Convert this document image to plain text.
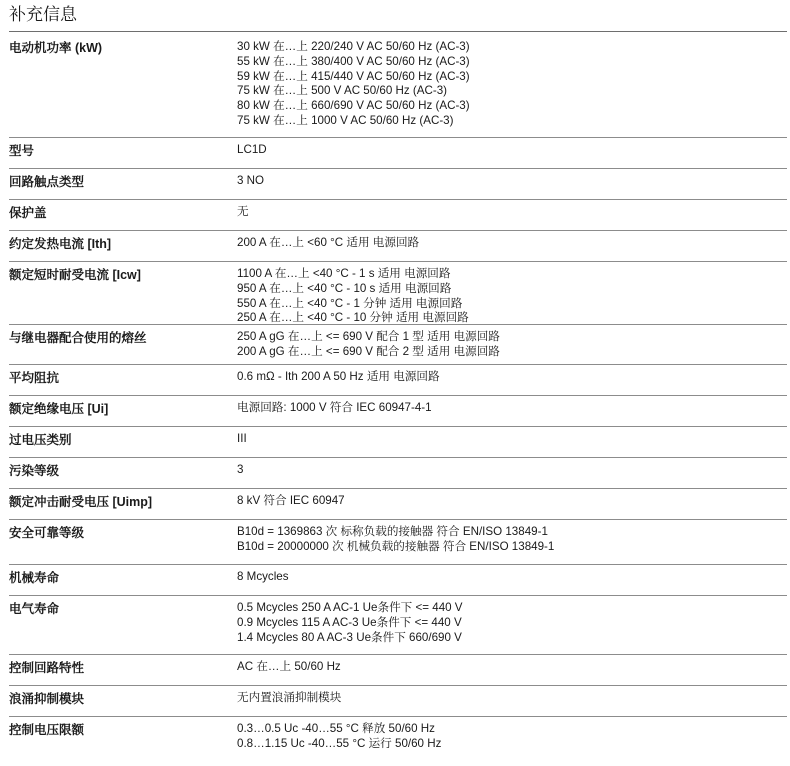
补充信息
电动机功率 (kW)	30 kW 在…上 220/240 V AC 50/60 Hz (AC-3)
55 kW 在…上 380/400 V AC 50/60 Hz (AC-3)
59 kW 在…上 415/440 V AC 50/60 Hz (AC-3)
75 kW 在…上 500 V AC 50/60 Hz (AC-3)
80 kW 在…上 660/690 V AC 50/60 Hz (AC-3)
75 kW 在…上 1000 V AC 50/60 Hz (AC-3)
型号	LC1D
回路触点类型	3 NO
保护盖	无
约定发热电流 [Ith]	200 A 在…上 <60 °C 适用 电源回路
额定短时耐受电流 [Icw]	1100 A 在…上 <40 °C - 1 s 适用 电源回路
950 A 在…上 <40 °C - 10 s 适用 电源回路
550 A 在…上 <40 °C - 1 分钟 适用 电源回路
250 A 在…上 <40 °C - 10 分钟 适用 电源回路
与继电器配合使用的熔丝	250 A gG 在…上 <= 690 V 配合 1 型 适用 电源回路
200 A gG 在…上 <= 690 V 配合 2 型 适用 电源回路
平均阻抗	0.6 mΩ - Ith 200 A 50 Hz 适用 电源回路
额定绝缘电压 [Ui]	电源回路: 1000 V 符合 IEC 60947-4-1
过电压类别	III
污染等级	3
额定冲击耐受电压 [Uimp]	8 kV 符合 IEC 60947
安全可靠等级	B10d = 1369863 次 标称负载的接触器 符合 EN/ISO 13849-1
B10d = 20000000 次 机械负载的接触器 符合 EN/ISO 13849-1
机械寿命	8 Mcycles
电气寿命	0.5 Mcycles 250 A AC-1 Ue条件下 <= 440 V
0.9 Mcycles 115 A AC-3 Ue条件下 <= 440 V
1.4 Mcycles 80 A AC-3 Ue条件下 660/690 V
控制回路特性	AC 在…上 50/60 Hz
浪涌抑制模块	无内置浪涌抑制模块
控制电压限额	0.3…0.5 Uc -40…55 °C 释放 50/60 Hz
0.8…1.15 Uc -40…55 °C 运行 50/60 Hz
